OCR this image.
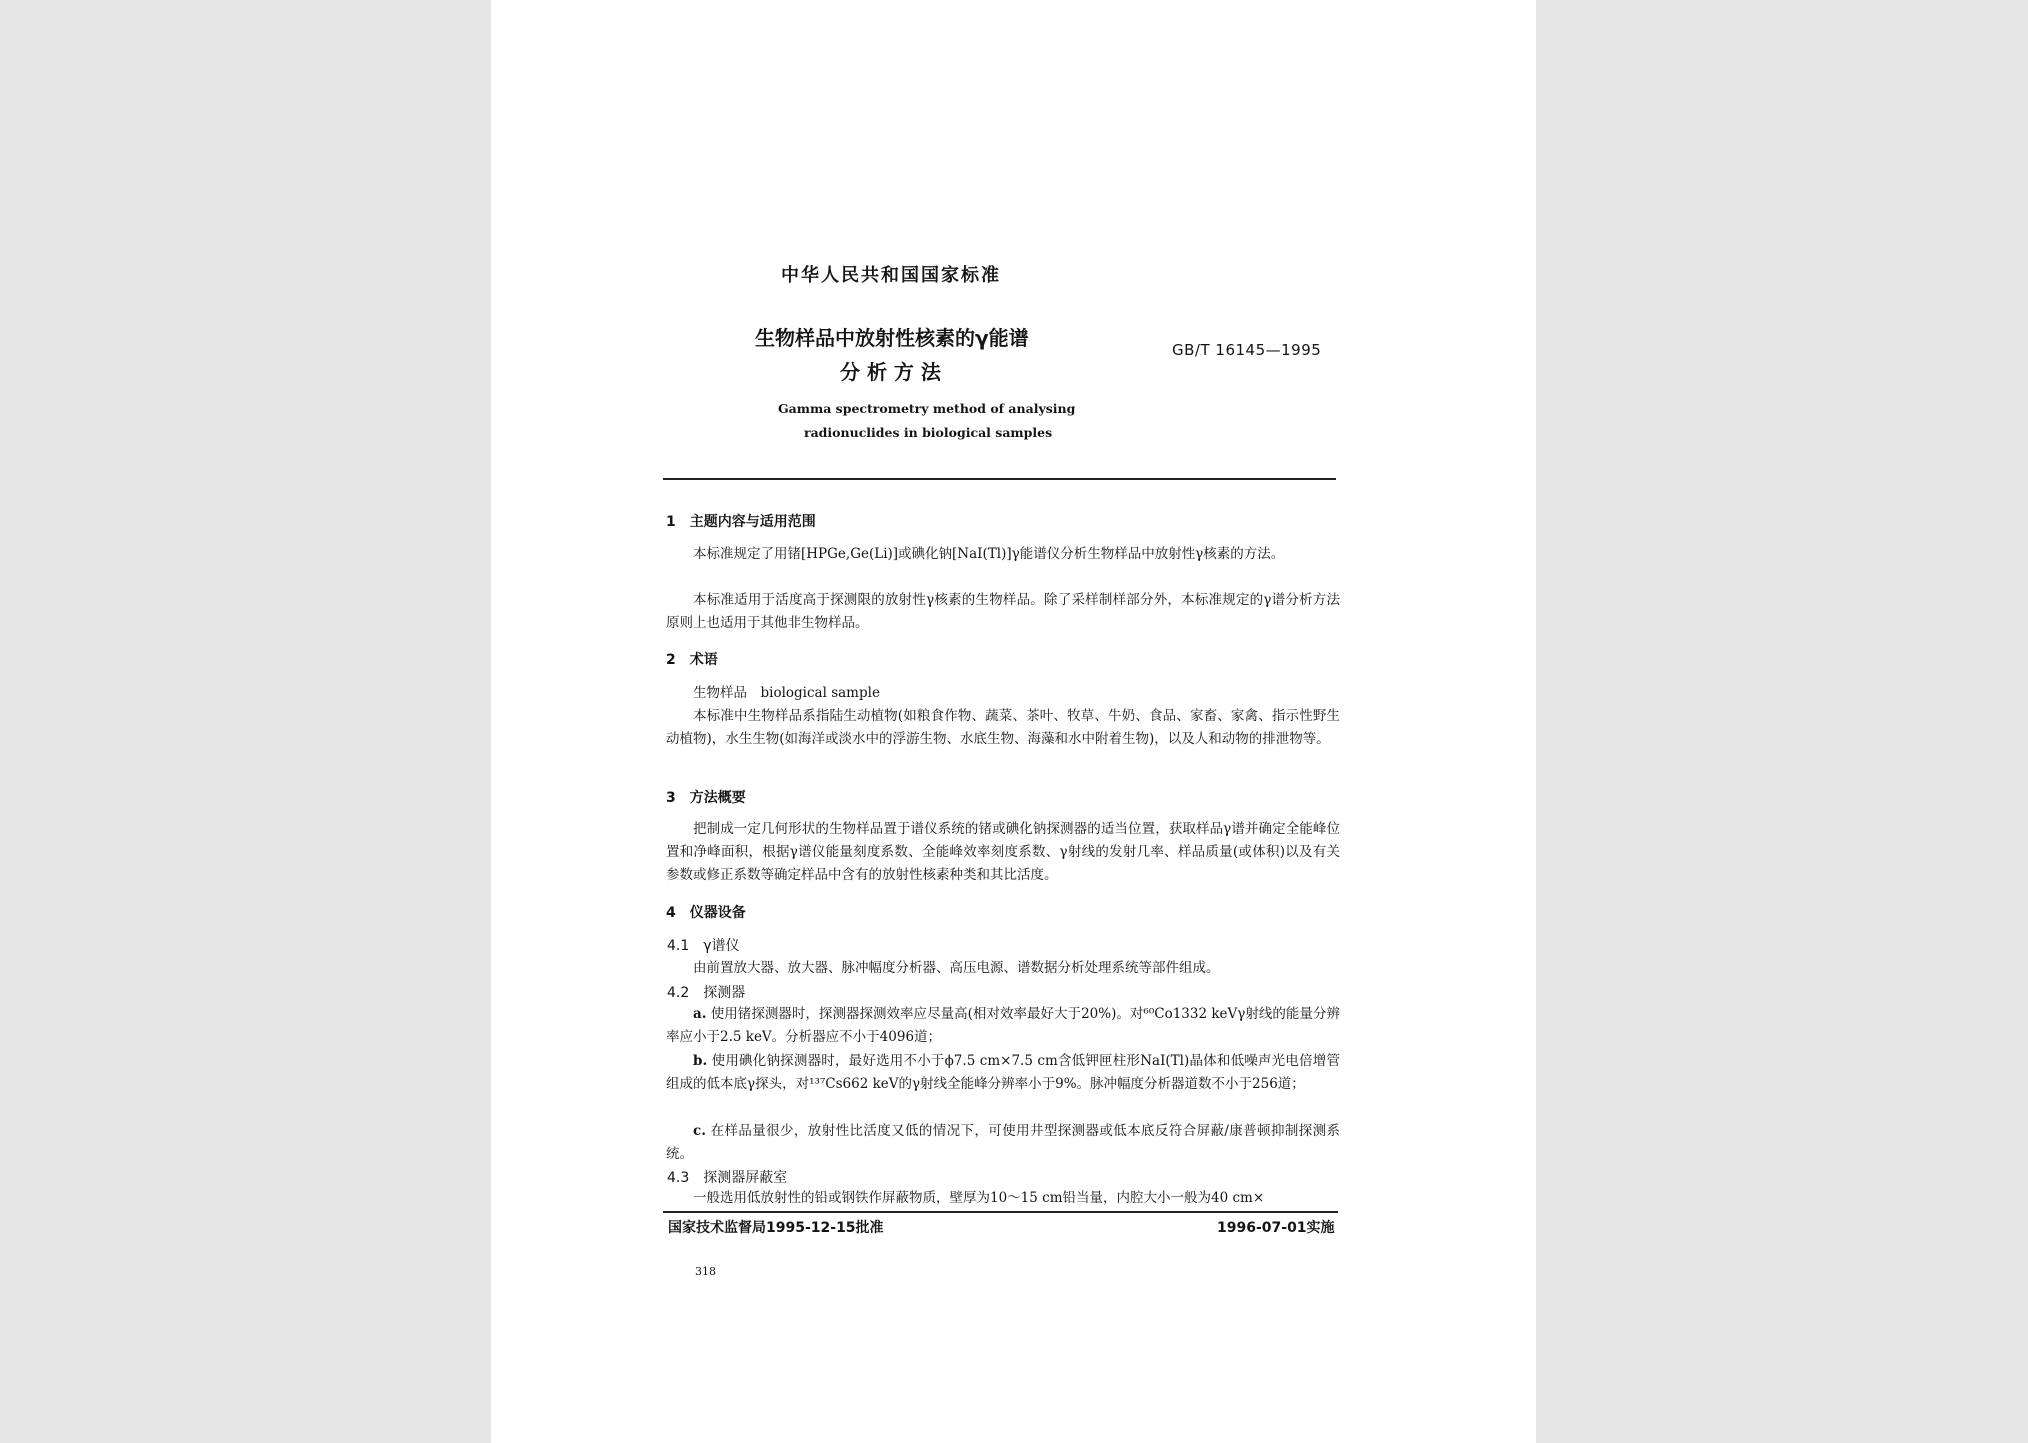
中华人民共和国国家标准
生物样品中放射性核素的γ能谱
分 析 方 法
GB/T 16145—1995
Gamma spectrometry method of analysing
radionuclides in biological samples
1　主题内容与适用范围

本标准规定了用锗[HPGe,Ge(Li)]或碘化钠[NaI(Tl)]γ能谱仪分析生物样品中放射性γ核素的方法。

本标准适用于活度高于探测限的放射性γ核素的生物样品。除了采样制样部分外，本标准规定的γ谱分析方法原则上也适用于其他非生物样品。

2　术语

生物样品　biological sample

本标准中生物样品系指陆生动植物(如粮食作物、蔬菜、茶叶、牧草、牛奶、食品、家畜、家禽、指示性野生动植物)，水生生物(如海洋或淡水中的浮游生物、水底生物、海藻和水中附着生物)，以及人和动物的排泄物等。

3　方法概要

把制成一定几何形状的生物样品置于谱仪系统的锗或碘化钠探测器的适当位置，获取样品γ谱并确定全能峰位置和净峰面积，根据γ谱仪能量刻度系数、全能峰效率刻度系数、γ射线的发射几率、样品质量(或体积)以及有关参数或修正系数等确定样品中含有的放射性核素种类和其比活度。

4　仪器设备
4.1　γ谱仪

由前置放大器、放大器、脉冲幅度分析器、高压电源、谱数据分析处理系统等部件组成。

4.2　探测器

a. 使用锗探测器时，探测器探测效率应尽量高(相对效率最好大于20%)。对⁶⁰Co1332 keVγ射线的能量分辨率应小于2.5 keV。分析器应不小于4096道；

b. 使用碘化钠探测器时，最好选用不小于ϕ7.5 cm×7.5 cm含低钾匣柱形NaI(Tl)晶体和低噪声光电倍增管组成的低本底γ探头，对¹³⁷Cs662 keV的γ射线全能峰分辨率小于9%。脉冲幅度分析器道数不小于256道；

c. 在样品量很少，放射性比活度又低的情况下，可使用井型探测器或低本底反符合屏蔽/康普顿抑制探测系统。

4.3　探测器屏蔽室

一般选用低放射性的铅或钢铁作屏蔽物质，壁厚为10～15 cm铅当量，内腔大小一般为40 cm×

国家技术监督局1995-12-15批准	1996-07-01实施
318
